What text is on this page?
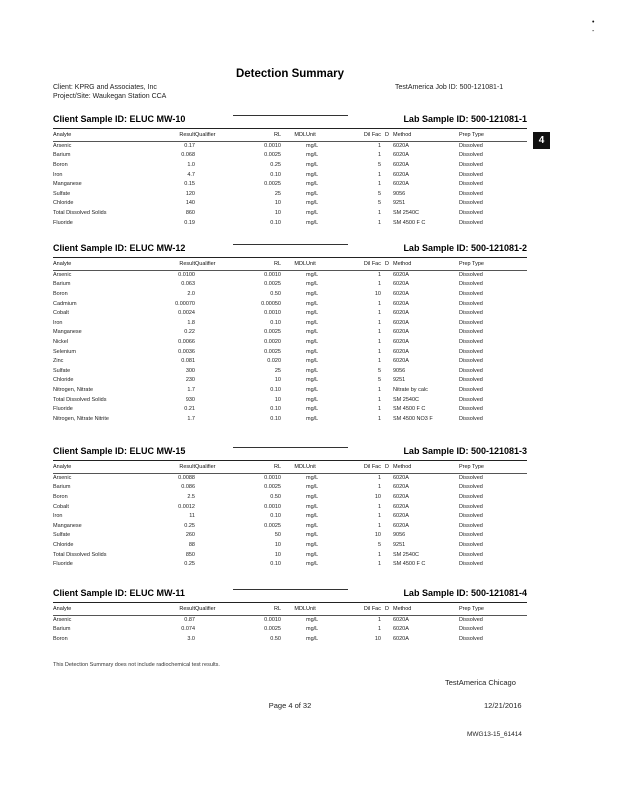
•
-
Detection Summary
Client: KPRG and Associates, Inc
Project/Site: Waukegan Station CCA
TestAmerica Job ID: 500-121081-1
4
Client Sample ID: ELUC MW-10	Lab Sample ID: 500-121081-1
Analyte	Result	Qualifier	RL	MDL	Unit	Dil Fac	D	Method	Prep Type
Arsenic	0.17		0.0010		mg/L	1		6020A	Dissolved
Barium	0.068		0.0025		mg/L	1		6020A	Dissolved
Boron	1.0		0.25		mg/L	5		6020A	Dissolved
Iron	4.7		0.10		mg/L	1		6020A	Dissolved
Manganese	0.15		0.0025		mg/L	1		6020A	Dissolved
Sulfate	120		25		mg/L	5		9056	Dissolved
Chloride	140		10		mg/L	5		9251	Dissolved
Total Dissolved Solids	860		10		mg/L	1		SM 2540C	Dissolved
Fluoride	0.19		0.10		mg/L	1		SM 4500 F C	Dissolved
Client Sample ID: ELUC MW-12	Lab Sample ID: 500-121081-2
Analyte	Result	Qualifier	RL	MDL	Unit	Dil Fac	D	Method	Prep Type
Arsenic	0.0100		0.0010		mg/L	1		6020A	Dissolved
Barium	0.063		0.0025		mg/L	1		6020A	Dissolved
Boron	2.0		0.50		mg/L	10		6020A	Dissolved
Cadmium	0.00070		0.00050		mg/L	1		6020A	Dissolved
Cobalt	0.0024		0.0010		mg/L	1		6020A	Dissolved
Iron	1.8		0.10		mg/L	1		6020A	Dissolved
Manganese	0.22		0.0025		mg/L	1		6020A	Dissolved
Nickel	0.0066		0.0020		mg/L	1		6020A	Dissolved
Selenium	0.0036		0.0025		mg/L	1		6020A	Dissolved
Zinc	0.081		0.020		mg/L	1		6020A	Dissolved
Sulfate	300		25		mg/L	5		9056	Dissolved
Chloride	230		10		mg/L	5		9251	Dissolved
Nitrogen, Nitrate	1.7		0.10		mg/L	1		Nitrate by calc	Dissolved
Total Dissolved Solids	930		10		mg/L	1		SM 2540C	Dissolved
Fluoride	0.21		0.10		mg/L	1		SM 4500 F C	Dissolved
Nitrogen, Nitrate Nitrite	1.7		0.10		mg/L	1		SM 4500 NO3 F	Dissolved
Client Sample ID: ELUC MW-15	Lab Sample ID: 500-121081-3
Analyte	Result	Qualifier	RL	MDL	Unit	Dil Fac	D	Method	Prep Type
Arsenic	0.0088		0.0010		mg/L	1		6020A	Dissolved
Barium	0.086		0.0025		mg/L	1		6020A	Dissolved
Boron	2.5		0.50		mg/L	10		6020A	Dissolved
Cobalt	0.0012		0.0010		mg/L	1		6020A	Dissolved
Iron	11		0.10		mg/L	1		6020A	Dissolved
Manganese	0.25		0.0025		mg/L	1		6020A	Dissolved
Sulfate	260		50		mg/L	10		9056	Dissolved
Chloride	88		10		mg/L	5		9251	Dissolved
Total Dissolved Solids	850		10		mg/L	1		SM 2540C	Dissolved
Fluoride	0.25		0.10		mg/L	1		SM 4500 F C	Dissolved
Client Sample ID: ELUC MW-11	Lab Sample ID: 500-121081-4
Analyte	Result	Qualifier	RL	MDL	Unit	Dil Fac	D	Method	Prep Type
Arsenic	0.87		0.0010		mg/L	1		6020A	Dissolved
Barium	0.074		0.0025		mg/L	1		6020A	Dissolved
Boron	3.0		0.50		mg/L	10		6020A	Dissolved
This Detection Summary does not include radiochemical test results.
TestAmerica Chicago
Page 4 of 32	12/21/2016
MWG13-15_61414
